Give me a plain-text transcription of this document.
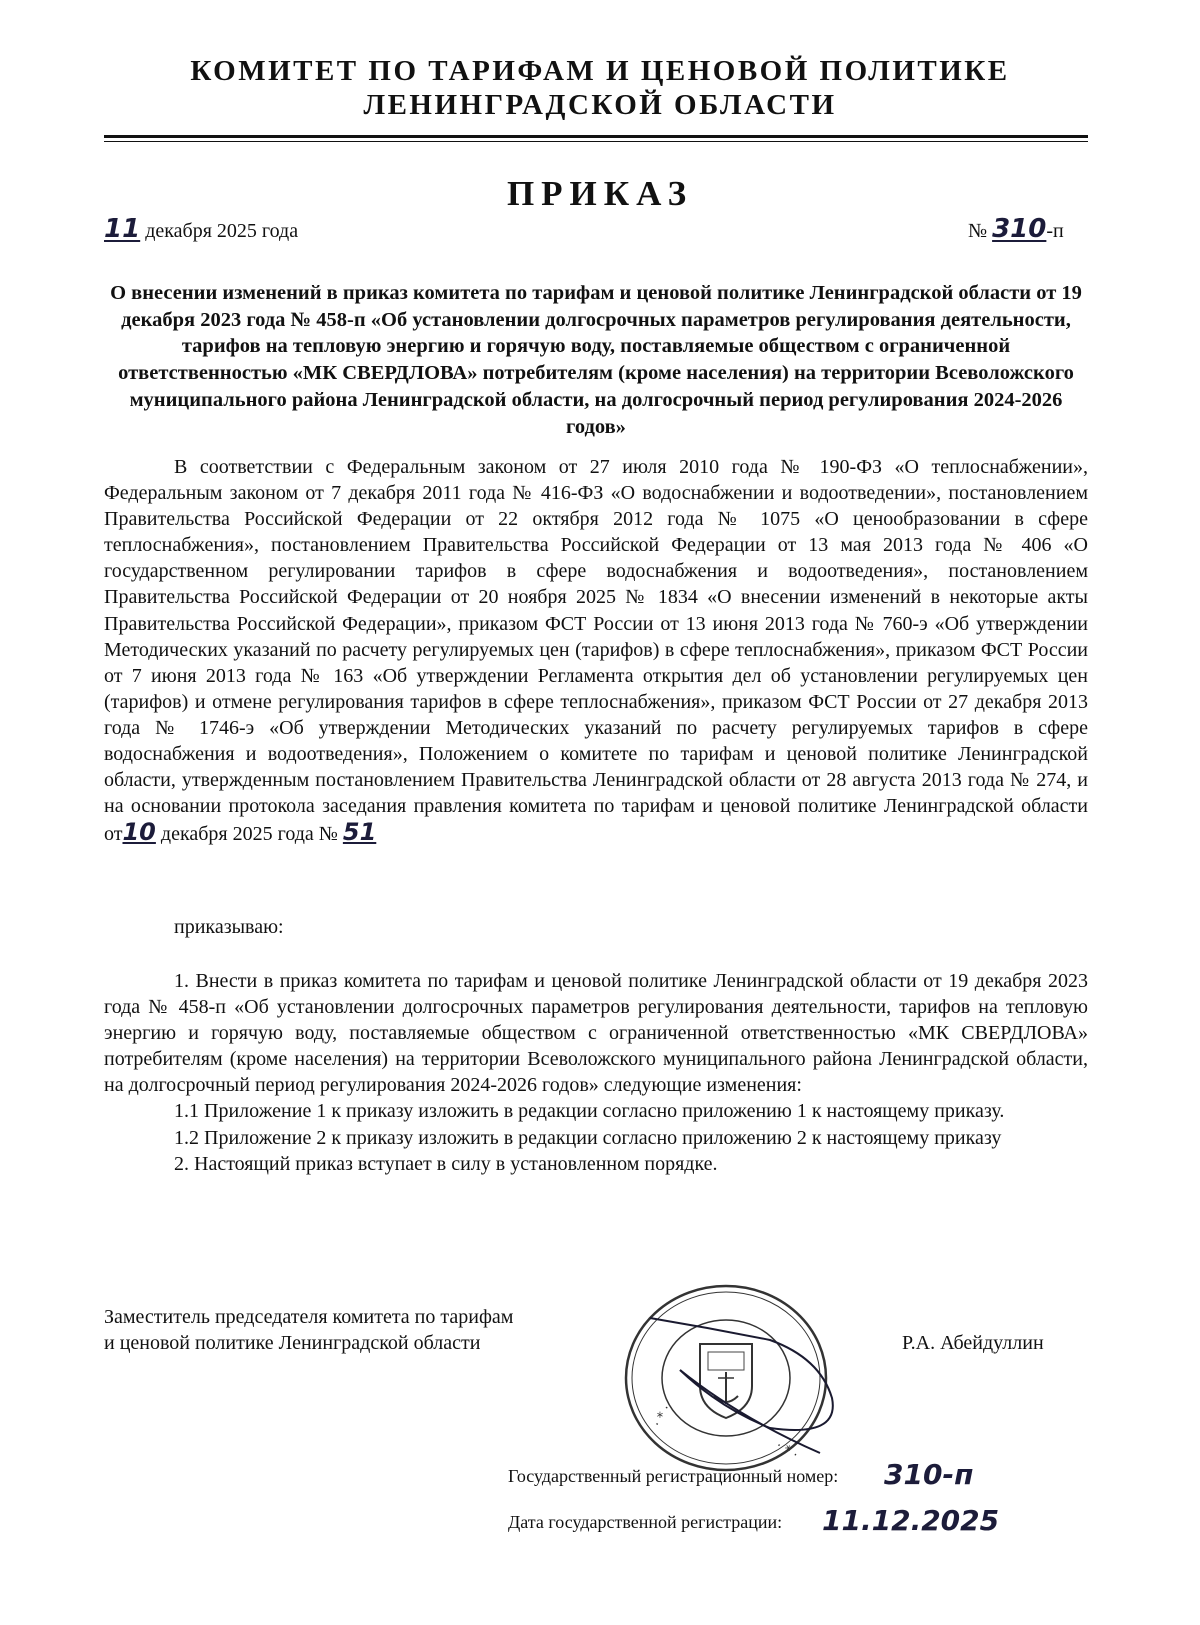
КОМИТЕТ ПО ТАРИФАМ И ЦЕНОВОЙ ПОЛИТИКЕ
ЛЕНИНГРАДСКОЙ ОБЛАСТИ
ПРИКАЗ
11 декабря 2025 года	№ 310-п
О внесении изменений в приказ комитета по тарифам и ценовой политике Ленинградской области от 19 декабря 2023 года № 458-п «Об установлении долгосрочных параметров регулирования деятельности, тарифов на тепловую энергию и горячую воду, поставляемые обществом с ограниченной ответственностью «МК СВЕРДЛОВА» потребителям (кроме населения) на территории Всеволожского муниципального района Ленинградской области, на долгосрочный период регулирования 2024-2026 годов»

В соответствии с Федеральным законом от 27 июля 2010 года № 190-ФЗ «О теплоснабжении», Федеральным законом от 7 декабря 2011 года № 416-ФЗ «О водоснабжении и водоотведении», постановлением Правительства Российской Федерации от 22 октября 2012 года № 1075 «О ценообразовании в сфере теплоснабжения», постановлением Правительства Российской Федерации от 13 мая 2013 года № 406 «О государственном регулировании тарифов в сфере водоснабжения и водоотведения», постановлением Правительства Российской Федерации от 20 ноября 2025 № 1834 «О внесении изменений в некоторые акты Правительства Российской Федерации», приказом ФСТ России от 13 июня 2013 года № 760-э «Об утверждении Методических указаний по расчету регулируемых цен (тарифов) в сфере теплоснабжения», приказом ФСТ России от 7 июня 2013 года № 163 «Об утверждении Регламента открытия дел об установлении регулируемых цен (тарифов) и отмене регулирования тарифов в сфере теплоснабжения», приказом ФСТ России от 27 декабря 2013 года № 1746-э «Об утверждении Методических указаний по расчету регулируемых тарифов в сфере водоснабжения и водоотведения», Положением о комитете по тарифам и ценовой политике Ленинградской области, утвержденным постановлением Правительства Ленинградской области от 28 августа 2013 года № 274, и на основании протокола заседания правления комитета по тарифам и ценовой политике Ленинградской области от10 декабря 2025 года № 51

приказываю:

1. Внести в приказ комитета по тарифам и ценовой политике Ленинградской области от 19 декабря 2023 года № 458-п «Об установлении долгосрочных параметров регулирования деятельности, тарифов на тепловую энергию и горячую воду, поставляемые обществом с ограниченной ответственностью «МК СВЕРДЛОВА» потребителям (кроме населения) на территории Всеволожского муниципального района Ленинградской области, на долгосрочный период регулирования 2024-2026 годов» следующие изменения:

1.1 Приложение 1 к приказу изложить в редакции согласно приложению 1 к настоящему приказу.

1.2 Приложение 2 к приказу изложить в редакции согласно приложению 2 к настоящему приказу

2. Настоящий приказ вступает в силу в установленном порядке.

Заместитель председателя комитета по тарифам
и ценовой политике Ленинградской области	Р.А. Абейдуллин
· * ·
· * ·
Государственный регистрационный номер: 310-п
Дата государственной регистрации: 11.12.2025
